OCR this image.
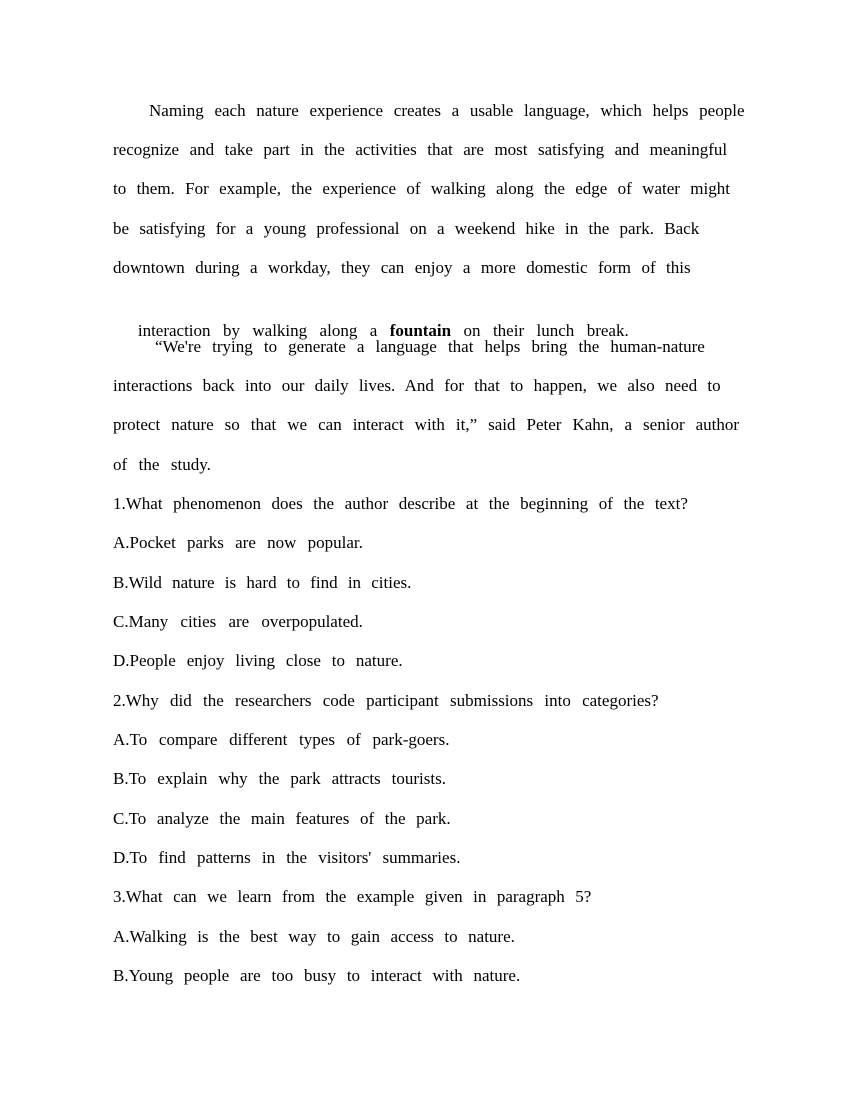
Naming  each  nature  experience  creates  a  usable  language,  which  helps  people
recognize  and  take  part  in  the  activities  that  are  most  satisfying  and  meaningful
to  them.  For  example,  the  experience  of  walking  along  the  edge  of  water  might
be  satisfying  for  a  young  professional  on  a  weekend  hike  in  the  park.  Back
downtown  during  a  workday,  they  can  enjoy  a  more  domestic  form  of  this

interaction  by  walking  along  a  fountain  on  their  lunch  break.

“We're  trying  to  generate  a  language  that  helps  bring  the  human-nature
interactions  back  into  our  daily  lives.  And  for  that  to  happen,  we  also  need  to
protect  nature  so  that  we  can  interact  with  it,”  said  Peter  Kahn,  a  senior  author
of  the  study.
1.What  phenomenon  does  the  author  describe  at  the  beginning  of  the  text?
A.Pocket  parks  are  now  popular.
B.Wild  nature  is  hard  to  find  in  cities.
C.Many  cities  are  overpopulated.
D.People  enjoy  living  close  to  nature.
2.Why  did  the  researchers  code  participant  submissions  into  categories?
A.To  compare  different  types  of  park-goers.
B.To  explain  why  the  park  attracts  tourists.
C.To  analyze  the  main  features  of  the  park.
D.To  find  patterns  in  the  visitors'  summaries.
3.What  can  we  learn  from  the  example  given  in  paragraph  5?
A.Walking  is  the  best  way  to  gain  access  to  nature.
B.Young  people  are  too  busy  to  interact  with  nature.
